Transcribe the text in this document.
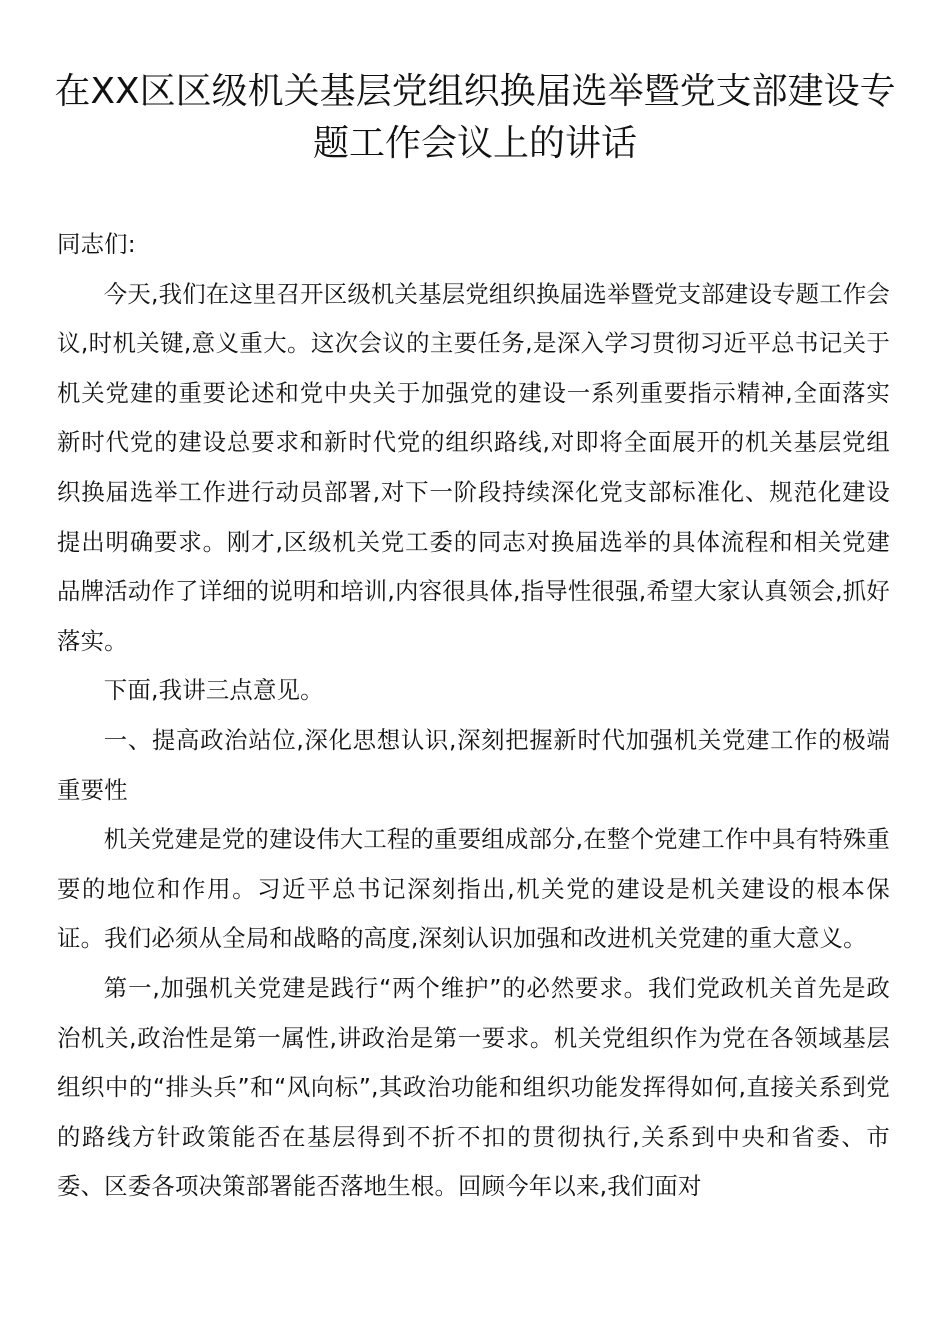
在XX区区级机关基层党组织换届选举暨党支部建设专题工作会议上的讲话

同志们:

今天,我们在这里召开区级机关基层党组织换届选举暨党支部建设专题工作会议,时机关键,意义重大。这次会议的主要任务,是深入学习贯彻习近平总书记关于机关党建的重要论述和党中央关于加强党的建设一系列重要指示精神,全面落实新时代党的建设总要求和新时代党的组织路线,对即将全面展开的机关基层党组织换届选举工作进行动员部署,对下一阶段持续深化党支部标准化、规范化建设提出明确要求。刚才,区级机关党工委的同志对换届选举的具体流程和相关党建品牌活动作了详细的说明和培训,内容很具体,指导性很强,希望大家认真领会,抓好落实。

下面,我讲三点意见。

一、提高政治站位,深化思想认识,深刻把握新时代加强机关党建工作的极端重要性

机关党建是党的建设伟大工程的重要组成部分,在整个党建工作中具有特殊重要的地位和作用。习近平总书记深刻指出,机关党的建设是机关建设的根本保证。我们必须从全局和战略的高度,深刻认识加强和改进机关党建的重大意义。

第一,加强机关党建是践行“两个维护”的必然要求。我们党政机关首先是政治机关,政治性是第一属性,讲政治是第一要求。机关党组织作为党在各领域基层组织中的“排头兵”和“风向标”,其政治功能和组织功能发挥得如何,直接关系到党的路线方针政策能否在基层得到不折不扣的贯彻执行,关系到中央和省委、市委、区委各项决策部署能否落地生根。回顾今年以来,我们面对
